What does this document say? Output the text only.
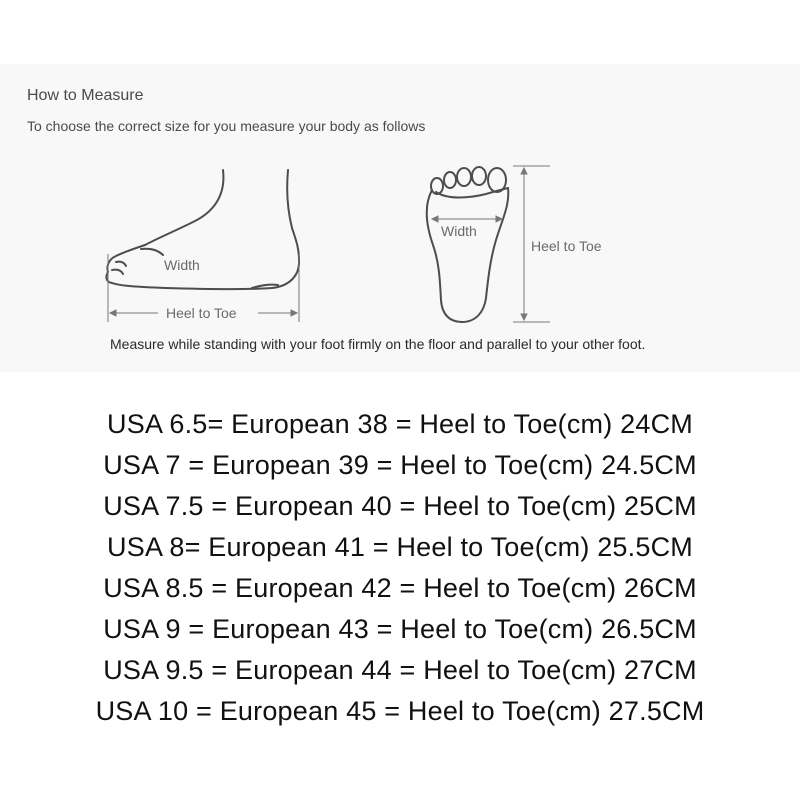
How to Measure
To choose the correct size for you measure your body as follows
Width
Heel to Toe
Width
Heel to Toe
Measure while standing with your foot firmly on the floor and parallel to your other foot.
USA 6.5= European 38 = Heel to Toe(cm) 24CM
USA 7 = European 39 = Heel to Toe(cm) 24.5CM
USA 7.5 = European 40 = Heel to Toe(cm) 25CM
USA 8= European 41 = Heel to Toe(cm) 25.5CM
USA 8.5 = European 42 = Heel to Toe(cm) 26CM
USA 9 = European 43 = Heel to Toe(cm) 26.5CM
USA 9.5 = European 44 = Heel to Toe(cm) 27CM
USA 10 = European 45 = Heel to Toe(cm) 27.5CM
